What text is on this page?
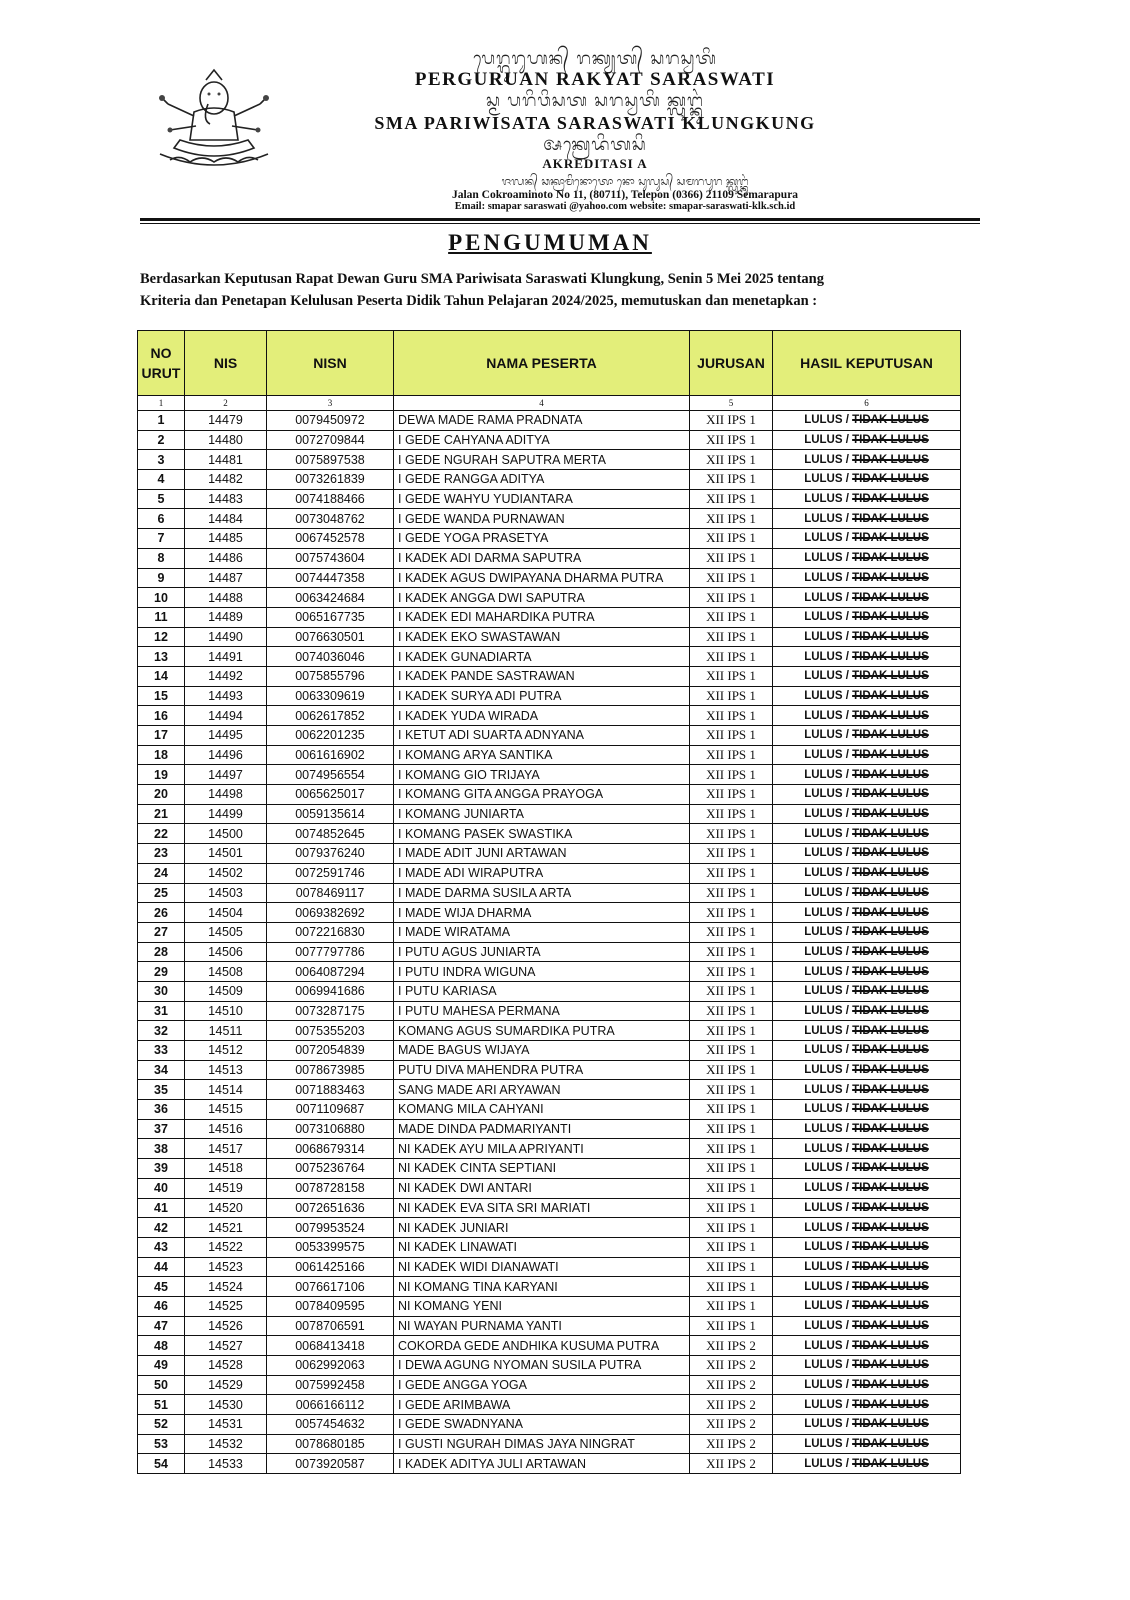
ᬧᬾᬭ᭄ᬕᬸᬭᬸᬳᬦ᭄ ᬭᬓ᭄ᬬᬢ᭄ ᬲᬭᬲ᭄ᬯᬢᬶ
PERGURUAN RAKYAT SARASWATI
ᬲ᭄ᬫ ᬧᬭᬶᬯᬶᬲᬢ ᬲᬭᬲ᭄ᬯᬢᬶ ᬓ᭄ᬮᬸᬗ᭄ᬓᬸᬂ
SMA PARIWISATA SARASWATI KLUNGKUNG
ᬅᬓ᭄ᬭᬾᬤᬶᬢᬲᬶ
AKREDITASI A
ᬚᬮᬦ᭄ ᬘᬓ᭄ᬭᬵᬫᬶᬦᭀᬢᭀ ᬦᭀ ᬲᬸᬮᬸᬲ᭄ ᬲᬫᬭᬧᬸᬭ ᬓ᭄ᬮᬸᬗ᭄ᬓᬸᬂ
Jalan Cokroaminoto No 11, (80711), Telepon (0366) 21109 Semarapura
Email: smapar saraswati @yahoo.com website: smapar-saraswati-klk.sch.id
PENGUMUMAN
Berdasarkan Keputusan Rapat Dewan Guru SMA Pariwisata Saraswati Klungkung, Senin 5 Mei 2025 tentang
Kriteria dan Penetapan Kelulusan Peserta Didik Tahun Pelajaran 2024/2025, memutuskan dan menetapkan :
NO URUT	NIS	NISN	NAMA PESERTA	JURUSAN	HASIL KEPUTUSAN
1	2	3	4	5	6
1	14479	0079450972	DEWA MADE RAMA PRADNATA	XII IPS 1	LULUS / TIDAK LULUS
2	14480	0072709844	I GEDE CAHYANA ADITYA	XII IPS 1	LULUS / TIDAK LULUS
3	14481	0075897538	I GEDE NGURAH SAPUTRA MERTA	XII IPS 1	LULUS / TIDAK LULUS
4	14482	0073261839	I GEDE RANGGA ADITYA	XII IPS 1	LULUS / TIDAK LULUS
5	14483	0074188466	I GEDE WAHYU YUDIANTARA	XII IPS 1	LULUS / TIDAK LULUS
6	14484	0073048762	I GEDE WANDA PURNAWAN	XII IPS 1	LULUS / TIDAK LULUS
7	14485	0067452578	I GEDE YOGA PRASETYA	XII IPS 1	LULUS / TIDAK LULUS
8	14486	0075743604	I KADEK ADI DARMA SAPUTRA	XII IPS 1	LULUS / TIDAK LULUS
9	14487	0074447358	I KADEK AGUS DWIPAYANA DHARMA PUTRA	XII IPS 1	LULUS / TIDAK LULUS
10	14488	0063424684	I KADEK ANGGA DWI SAPUTRA	XII IPS 1	LULUS / TIDAK LULUS
11	14489	0065167735	I KADEK EDI MAHARDIKA PUTRA	XII IPS 1	LULUS / TIDAK LULUS
12	14490	0076630501	I KADEK EKO SWASTAWAN	XII IPS 1	LULUS / TIDAK LULUS
13	14491	0074036046	I KADEK GUNADIARTA	XII IPS 1	LULUS / TIDAK LULUS
14	14492	0075855796	I KADEK PANDE SASTRAWAN	XII IPS 1	LULUS / TIDAK LULUS
15	14493	0063309619	I KADEK SURYA ADI PUTRA	XII IPS 1	LULUS / TIDAK LULUS
16	14494	0062617852	I KADEK YUDA WIRADA	XII IPS 1	LULUS / TIDAK LULUS
17	14495	0062201235	I KETUT ADI SUARTA ADNYANA	XII IPS 1	LULUS / TIDAK LULUS
18	14496	0061616902	I KOMANG ARYA SANTIKA	XII IPS 1	LULUS / TIDAK LULUS
19	14497	0074956554	I KOMANG GIO TRIJAYA	XII IPS 1	LULUS / TIDAK LULUS
20	14498	0065625017	I KOMANG GITA ANGGA PRAYOGA	XII IPS 1	LULUS / TIDAK LULUS
21	14499	0059135614	I KOMANG JUNIARTA	XII IPS 1	LULUS / TIDAK LULUS
22	14500	0074852645	I KOMANG PASEK SWASTIKA	XII IPS 1	LULUS / TIDAK LULUS
23	14501	0079376240	I MADE ADIT JUNI ARTAWAN	XII IPS 1	LULUS / TIDAK LULUS
24	14502	0072591746	I MADE ADI WIRAPUTRA	XII IPS 1	LULUS / TIDAK LULUS
25	14503	0078469117	I MADE DARMA SUSILA ARTA	XII IPS 1	LULUS / TIDAK LULUS
26	14504	0069382692	I MADE WIJA DHARMA	XII IPS 1	LULUS / TIDAK LULUS
27	14505	0072216830	I MADE WIRATAMA	XII IPS 1	LULUS / TIDAK LULUS
28	14506	0077797786	I PUTU AGUS JUNIARTA	XII IPS 1	LULUS / TIDAK LULUS
29	14508	0064087294	I PUTU INDRA WIGUNA	XII IPS 1	LULUS / TIDAK LULUS
30	14509	0069941686	I PUTU KARIASA	XII IPS 1	LULUS / TIDAK LULUS
31	14510	0073287175	I PUTU MAHESA PERMANA	XII IPS 1	LULUS / TIDAK LULUS
32	14511	0075355203	KOMANG AGUS SUMARDIKA PUTRA	XII IPS 1	LULUS / TIDAK LULUS
33	14512	0072054839	MADE BAGUS WIJAYA	XII IPS 1	LULUS / TIDAK LULUS
34	14513	0078673985	PUTU DIVA MAHENDRA PUTRA	XII IPS 1	LULUS / TIDAK LULUS
35	14514	0071883463	SANG MADE ARI ARYAWAN	XII IPS 1	LULUS / TIDAK LULUS
36	14515	0071109687	KOMANG MILA CAHYANI	XII IPS 1	LULUS / TIDAK LULUS
37	14516	0073106880	MADE DINDA PADMARIYANTI	XII IPS 1	LULUS / TIDAK LULUS
38	14517	0068679314	NI KADEK AYU MILA APRIYANTI	XII IPS 1	LULUS / TIDAK LULUS
39	14518	0075236764	NI KADEK CINTA SEPTIANI	XII IPS 1	LULUS / TIDAK LULUS
40	14519	0078728158	NI KADEK DWI ANTARI	XII IPS 1	LULUS / TIDAK LULUS
41	14520	0072651636	NI KADEK EVA SITA SRI MARIATI	XII IPS 1	LULUS / TIDAK LULUS
42	14521	0079953524	NI KADEK JUNIARI	XII IPS 1	LULUS / TIDAK LULUS
43	14522	0053399575	NI KADEK LINAWATI	XII IPS 1	LULUS / TIDAK LULUS
44	14523	0061425166	NI KADEK WIDI DIANAWATI	XII IPS 1	LULUS / TIDAK LULUS
45	14524	0076617106	NI KOMANG TINA KARYANI	XII IPS 1	LULUS / TIDAK LULUS
46	14525	0078409595	NI KOMANG YENI	XII IPS 1	LULUS / TIDAK LULUS
47	14526	0078706591	NI WAYAN PURNAMA YANTI	XII IPS 1	LULUS / TIDAK LULUS
48	14527	0068413418	COKORDA GEDE ANDHIKA KUSUMA PUTRA	XII IPS 2	LULUS / TIDAK LULUS
49	14528	0062992063	I DEWA AGUNG NYOMAN SUSILA PUTRA	XII IPS 2	LULUS / TIDAK LULUS
50	14529	0075992458	I GEDE ANGGA YOGA	XII IPS 2	LULUS / TIDAK LULUS
51	14530	0066166112	I GEDE ARIMBAWA	XII IPS 2	LULUS / TIDAK LULUS
52	14531	0057454632	I GEDE SWADNYANA	XII IPS 2	LULUS / TIDAK LULUS
53	14532	0078680185	I GUSTI NGURAH DIMAS JAYA NINGRAT	XII IPS 2	LULUS / TIDAK LULUS
54	14533	0073920587	I KADEK ADITYA JULI ARTAWAN	XII IPS 2	LULUS / TIDAK LULUS
